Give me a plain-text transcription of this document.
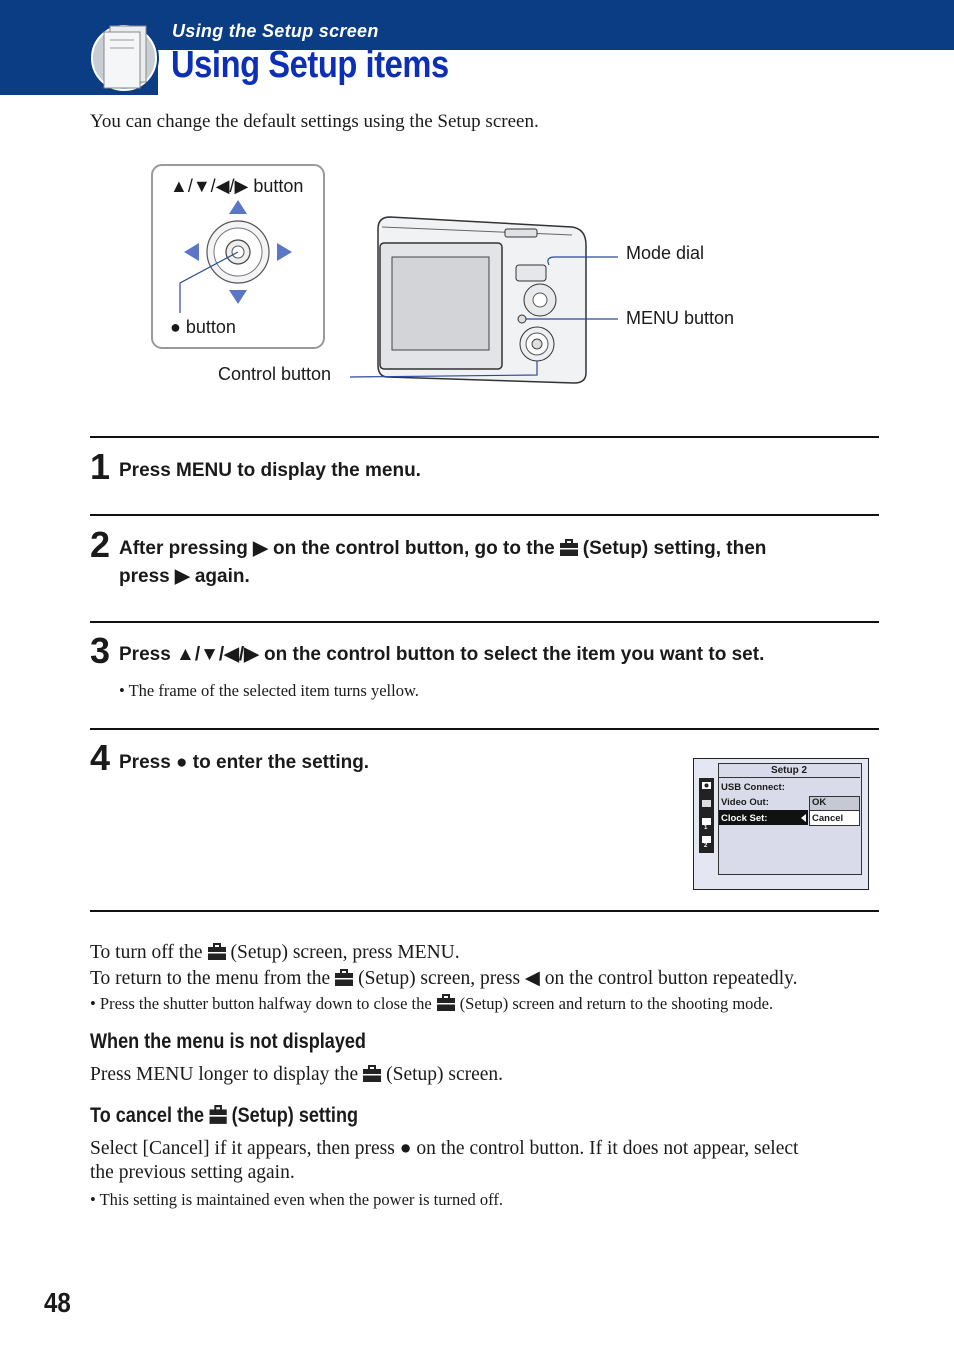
Using the Setup screen
Using Setup items
You can change the default settings using the Setup screen.
▲/▼/◀/▶ button
● button
Control button
Mode dial
MENU button
1 Press MENU to display the menu.
2 After pressing ▶ on the control button, go to the (Setup) setting, then
press ▶ again.
3 Press ▲/▼/◀/▶ on the control button to select the item you want to set.
• The frame of the selected item turns yellow.
4 Press ● to enter the setting.
1
2
Setup 2
USB Connect:
Video Out:
Clock Set:
OK
Cancel
To turn off the (Setup) screen, press MENU.
To return to the menu from the (Setup) screen, press ◀ on the control button repeatedly.
• Press the shutter button halfway down to close the (Setup) screen and return to the shooting mode.
When the menu is not displayed
Press MENU longer to display the (Setup) screen.
To cancel the (Setup) setting
Select [Cancel] if it appears, then press ● on the control button. If it does not appear, select
the previous setting again.
• This setting is maintained even when the power is turned off.
48
